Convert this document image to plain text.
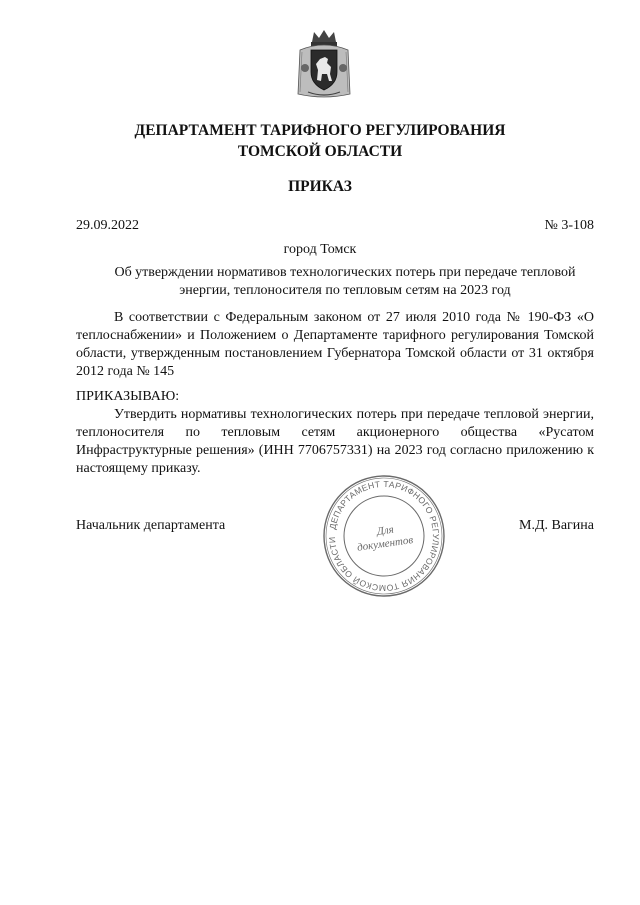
ДЕПАРТАМЕНТ ТАРИФНОГО РЕГУЛИРОВАНИЯ
ТОМСКОЙ ОБЛАСТИ
ПРИКАЗ
29.09.2022	№ 3-108
город Томск
Об утверждении нормативов технологических потерь при передаче тепловой
энергии, теплоносителя по тепловым сетям на 2023 год

В соответствии с Федеральным законом от 27 июля 2010 года № 190-ФЗ «О теплоснабжении» и Положением о Департаменте тарифного регулирования Томской области, утвержденным постановлением Губернатора Томской области от 31 октября 2012 года № 145

ПРИКАЗЫВАЮ:

Утвердить нормативы технологических потерь при передаче тепловой энергии, теплоносителя по тепловым сетям акционерного общества «Русатом Инфраструктурные решения» (ИНН 7706757331) на 2023 год согласно приложению к настоящему приказу.

Начальник департамента	М.Д. Вагина
ДЕПАРТАМЕНТ ТАРИФНОГО РЕГУЛИРОВАНИЯ ТОМСКОЙ ОБЛАСТИ
Для
документов
